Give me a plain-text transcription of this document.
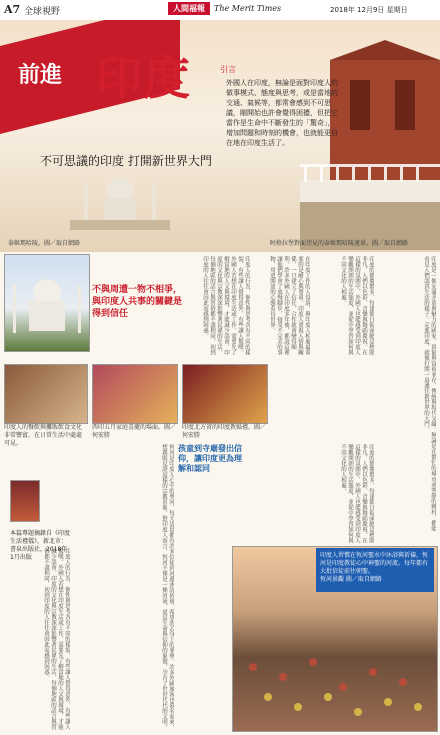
A7 全球視野	人間福報	The Merit Times	2018年 12月9日 星期日
前進 印度
不可思議的印度 打開新世界大門
引言
外國人在印度，無論是面對印度人的做事模式、態度與思考，或是當地的交通、氣候等，都常會感到不可思議，剛開始也許會覺得困擾，但把它當作是生命中不斷發生的「驚奇」，增加問題和時刻的機會，也就能更自在地在印度生活了。
泰姬瑪哈陵。圖／取自網路	阿格拉堡對面望見的泰姬瑪哈陵遠景。圖／取自網路
不與周遭一物不相爭，與印度人共事的關鍵是得到信任	印度人的行為、個性與思考各有不同的樣貌，有些讓人覺得意外，有些讓人驚嘆。外國人若想在印度生活或工作，需要先了解當地的人文與環境，才能減少誤會。印度的文化與宗教深深影響著民眾的生活，每個地區的語言與習俗都不盡相同，初到印度的人往往會因此而感到困惑。	在印度工作的人常說，與印度人相處最重要的是耐心與尊重。印度人重視人情與關係，一旦建立了信任，合作就會變得順利。許多外國人在印度多年後，都說這裡讓他們學會了放慢腳步，接受不完美的事物，用更開放的心態看待世界。	印度的節慶繁多，每逢節日街頭總是熱鬧非凡，人們以色彩、音樂與舞蹈慶祝。在這樣的氛圍中，外國人也能感受到印度人樂觀開朗的生活態度，並從中學習如何與不同文化的人相處。	印度是一個充滿矛盾與魅力的國家，貧窮與富裕並存，傳統與現代交織。無論是在繁忙的城市或寧靜的鄉村，都能看見人們認真生活的樣子。走進印度，就像打開一扇通往新世界的大門。
印度人的餐飲與攤販飲食文化非常豐富，在日常生活中處處可見。
西印五月家庭喜慶的場面。圖／何宏勝
印度北方省的印度教婚禮。圖／何宏勝
本篇專題摘錄自《印度生活禮儀》，新北市：書泉出版社，2018年1月出版
孩童到寺廟發出信仰，讓印度更為理解和認同
恆河是印度人心中的聖河，每天清晨都有許多信徒到河邊沐浴祈禱，希望洗去身上的罪孽。許多外國旅客也慕名而來，想親眼見證這樣的宗教景象。對印度人而言，恆河不僅是一條河流，更是生命與信仰的象徵，孕育了世世代代的文明。	印度的節慶繁多，每逢節日街頭總是熱鬧非凡，人們以色彩、音樂與舞蹈慶祝。在這樣的氛圍中，外國人也能感受到印度人樂觀開朗的生活態度，並從中學習如何與不同文化的人相處。
印度人的行為、個性與思考各有不同的樣貌，有些讓人覺得意外，有些讓人驚嘆。外國人若想在印度生活或工作，需要先了解當地的人文與環境，才能減少誤會。印度的文化與宗教深深影響著民眾的生活，每個地區的語言與習俗都不盡相同，初到印度的人往往會因此而感到困惑。	印度人習慣在恆河聖水中沐浴與祈禱，恆河是印度教徒心中神聖的河流。每年都有大批信徒前往朝聖。
恆河景觀 圖／取自網路
